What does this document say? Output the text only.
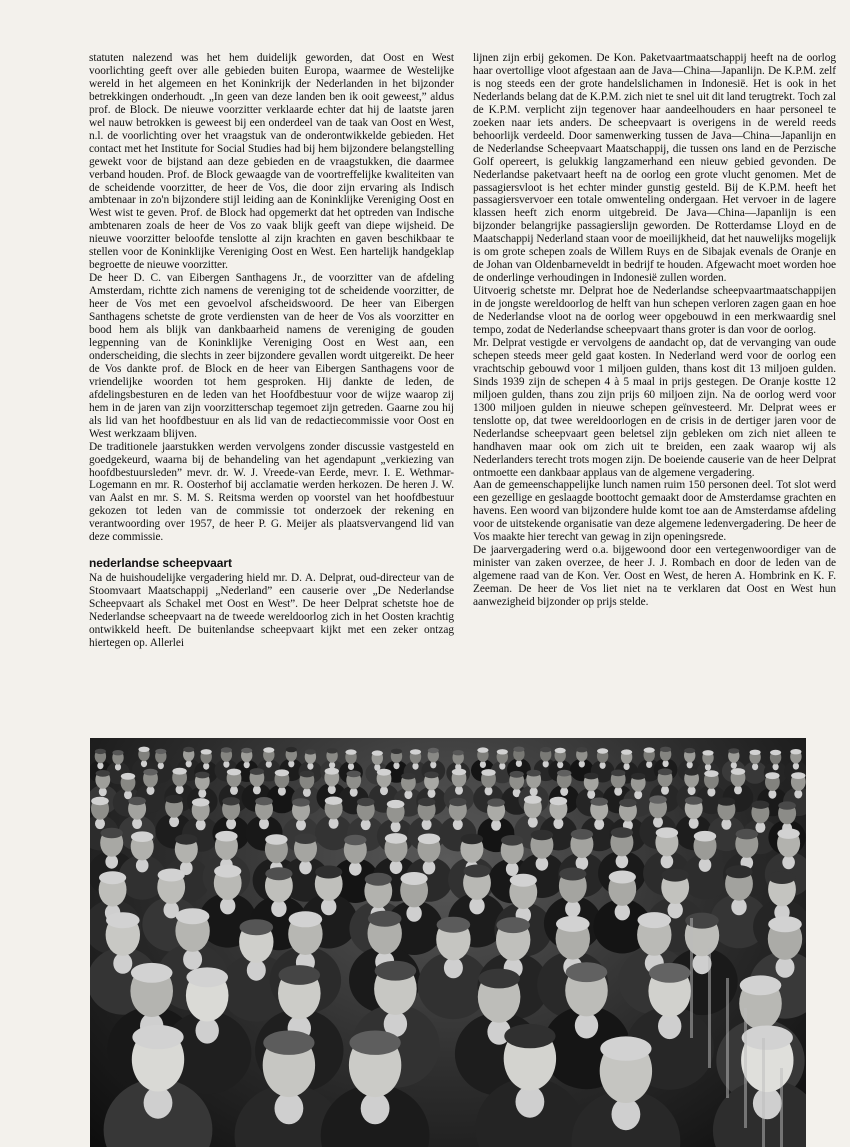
statuten nalezend was het hem duidelijk geworden, dat Oost en West voorlichting geeft over alle gebieden buiten Europa, waarmee de Westelijke wereld in het algemeen en het Koninkrijk der Nederlanden in het bijzonder betrekkingen onderhoudt. „In geen van deze landen ben ik ooit geweest,” aldus prof. de Block. De nieuwe voorzitter verklaarde echter dat hij de laatste jaren wel nauw betrokken is geweest bij een onderdeel van de taak van Oost en West, n.l. de voorlichting over het vraagstuk van de onderontwikkelde gebieden. Het contact met het Institute for Social Studies had bij hem bijzondere belangstelling gewekt voor de bijstand aan deze gebieden en de vraagstukken, die daarmee verband houden. Prof. de Block gewaagde van de voortreffelijke kwaliteiten van de scheidende voorzitter, de heer de Vos, die door zijn ervaring als Indisch ambtenaar in zo'n bijzondere stijl leiding aan de Koninklijke Vereniging Oost en West wist te geven. Prof. de Block had opgemerkt dat het optreden van Indische ambtenaren zoals de heer de Vos zo vaak blijk geeft van diepe wijsheid. De nieuwe voorzitter beloofde tenslotte al zijn krachten en gaven beschikbaar te stellen voor de Koninklijke Vereniging Oost en West. Een hartelijk handgeklap begroette de nieuwe voorzitter.

De heer D. C. van Eibergen Santhagens Jr., de voorzitter van de afdeling Amsterdam, richtte zich namens de vereniging tot de scheidende voorzitter, de heer de Vos met een gevoelvol afscheidswoord. De heer van Eibergen Santhagens schetste de grote verdiensten van de heer de Vos als voorzitter en bood hem als blijk van dankbaarheid namens de vereniging de gouden legpenning van de Koninklijke Vereniging Oost en West aan, een onderscheiding, die slechts in zeer bijzondere gevallen wordt uitgereikt. De heer de Vos dankte prof. de Block en de heer van Eibergen Santhagens voor de vriendelijke woorden tot hem gesproken. Hij dankte de leden, de afdelingsbesturen en de leden van het Hoofdbestuur voor de wijze waarop zij hem in de jaren van zijn voorzitterschap tegemoet zijn getreden. Gaarne zou hij als lid van het hoofdbestuur en als lid van de redactiecommissie voor Oost en West werkzaam blijven.

De traditionele jaarstukken werden vervolgens zonder discussie vastgesteld en goedgekeurd, waarna bij de behandeling van het agendapunt „verkiezing van hoofdbestuursleden” mevr. dr. W. J. Vreede-van Eerde, mevr. I. E. Wethmar-Logemann en mr. R. Oosterhof bij acclamatie werden herkozen. De heren J. W. van Aalst en mr. S. M. S. Reitsma werden op voorstel van het hoofdbestuur gekozen tot leden van de commissie tot onderzoek der rekening en verantwoording over 1957, de heer P. G. Meijer als plaatsvervangend lid van deze commissie.

nederlandse scheepvaart

Na de huishoudelijke vergadering hield mr. D. A. Delprat, oud-directeur van de Stoomvaart Maatschappij „Nederland” een causerie over „De Nederlandse Scheepvaart als Schakel met Oost en West”. De heer Delprat schetste hoe de Nederlandse scheepvaart na de tweede wereldoorlog zich in het Oosten krachtig ontwikkeld heeft. De buitenlandse scheepvaart kijkt met een zeker ontzag hiertegen op. Allerlei

lijnen zijn erbij gekomen. De Kon. Paketvaartmaatschappij heeft na de oorlog haar overtollige vloot afgestaan aan de Java—China—Japanlijn. De K.P.M. zelf is nog steeds een der grote handelslichamen in Indonesië. Het is ook in het Nederlands belang dat de K.P.M. zich niet te snel uit dit land terugtrekt. Toch zal de K.P.M. verplicht zijn tegenover haar aandeelhouders en haar personeel te zoeken naar iets anders. De scheepvaart is overigens in de wereld reeds behoorlijk verdeeld. Door samenwerking tussen de Java—China—Japanlijn en de Nederlandse Scheepvaart Maatschappij, die tussen ons land en de Perzische Golf opereert, is gelukkig langzamerhand een nieuw gebied gevonden. De Nederlandse paketvaart heeft na de oorlog een grote vlucht genomen. Met de passagiersvloot is het echter minder gunstig gesteld. Bij de K.P.M. heeft het passagiersvervoer een totale omwenteling ondergaan. Het vervoer in de lagere klassen heeft zich enorm uitgebreid. De Java—China—Japanlijn is een bijzonder belangrijke passagierslijn geworden. De Rotterdamse Lloyd en de Maatschappij Nederland staan voor de moeilijkheid, dat het nauwelijks mogelijk is om grote schepen zoals de Willem Ruys en de Sibajak evenals de Oranje en de Johan van Oldenbarneveldt in bedrijf te houden. Afgewacht moet worden hoe de onderlinge verhoudingen in Indonesië zullen worden.

Uitvoerig schetste mr. Delprat hoe de Nederlandse scheepvaartmaatschappijen in de jongste wereldoorlog de helft van hun schepen verloren zagen gaan en hoe de Nederlandse vloot na de oorlog weer opgebouwd in een merkwaardig snel tempo, zodat de Nederlandse scheepvaart thans groter is dan voor de oorlog.

Mr. Delprat vestigde er vervolgens de aandacht op, dat de vervanging van oude schepen steeds meer geld gaat kosten. In Nederland werd voor de oorlog een vrachtschip gebouwd voor 1 miljoen gulden, thans kost dit 13 miljoen gulden. Sinds 1939 zijn de schepen 4 à 5 maal in prijs gestegen. De Oranje kostte 12 miljoen gulden, thans zou zijn prijs 60 miljoen zijn. Na de oorlog werd voor 1300 miljoen gulden in nieuwe schepen geïnvesteerd. Mr. Delprat wees er tenslotte op, dat twee wereldoorlogen en de crisis in de dertiger jaren voor de Nederlandse scheepvaart geen beletsel zijn gebleken om zich niet alleen te handhaven maar ook om zich uit te breiden, een zaak waarop wij als Nederlanders terecht trots mogen zijn. De boeiende causerie van de heer Delprat ontmoette een dankbaar applaus van de algemene vergadering.

Aan de gemeenschappelijke lunch namen ruim 150 personen deel. Tot slot werd een gezellige en geslaagde boottocht gemaakt door de Amsterdamse grachten en havens. Een woord van bijzondere hulde komt toe aan de Amsterdamse afdeling voor de uitstekende organisatie van deze algemene ledenvergadering. De heer de Vos maakte hier terecht van gewag in zijn openingsrede.

De jaarvergadering werd o.a. bijgewoond door een vertegenwoordiger van de minister van zaken overzee, de heer J. J. Rombach en door de leden van de algemene raad van de Kon. Ver. Oost en West, de heren A. Hombrink en K. F. Zeeman. De heer de Vos liet niet na te verklaren dat Oost en West hun aanwezigheid bijzonder op prijs stelde.
